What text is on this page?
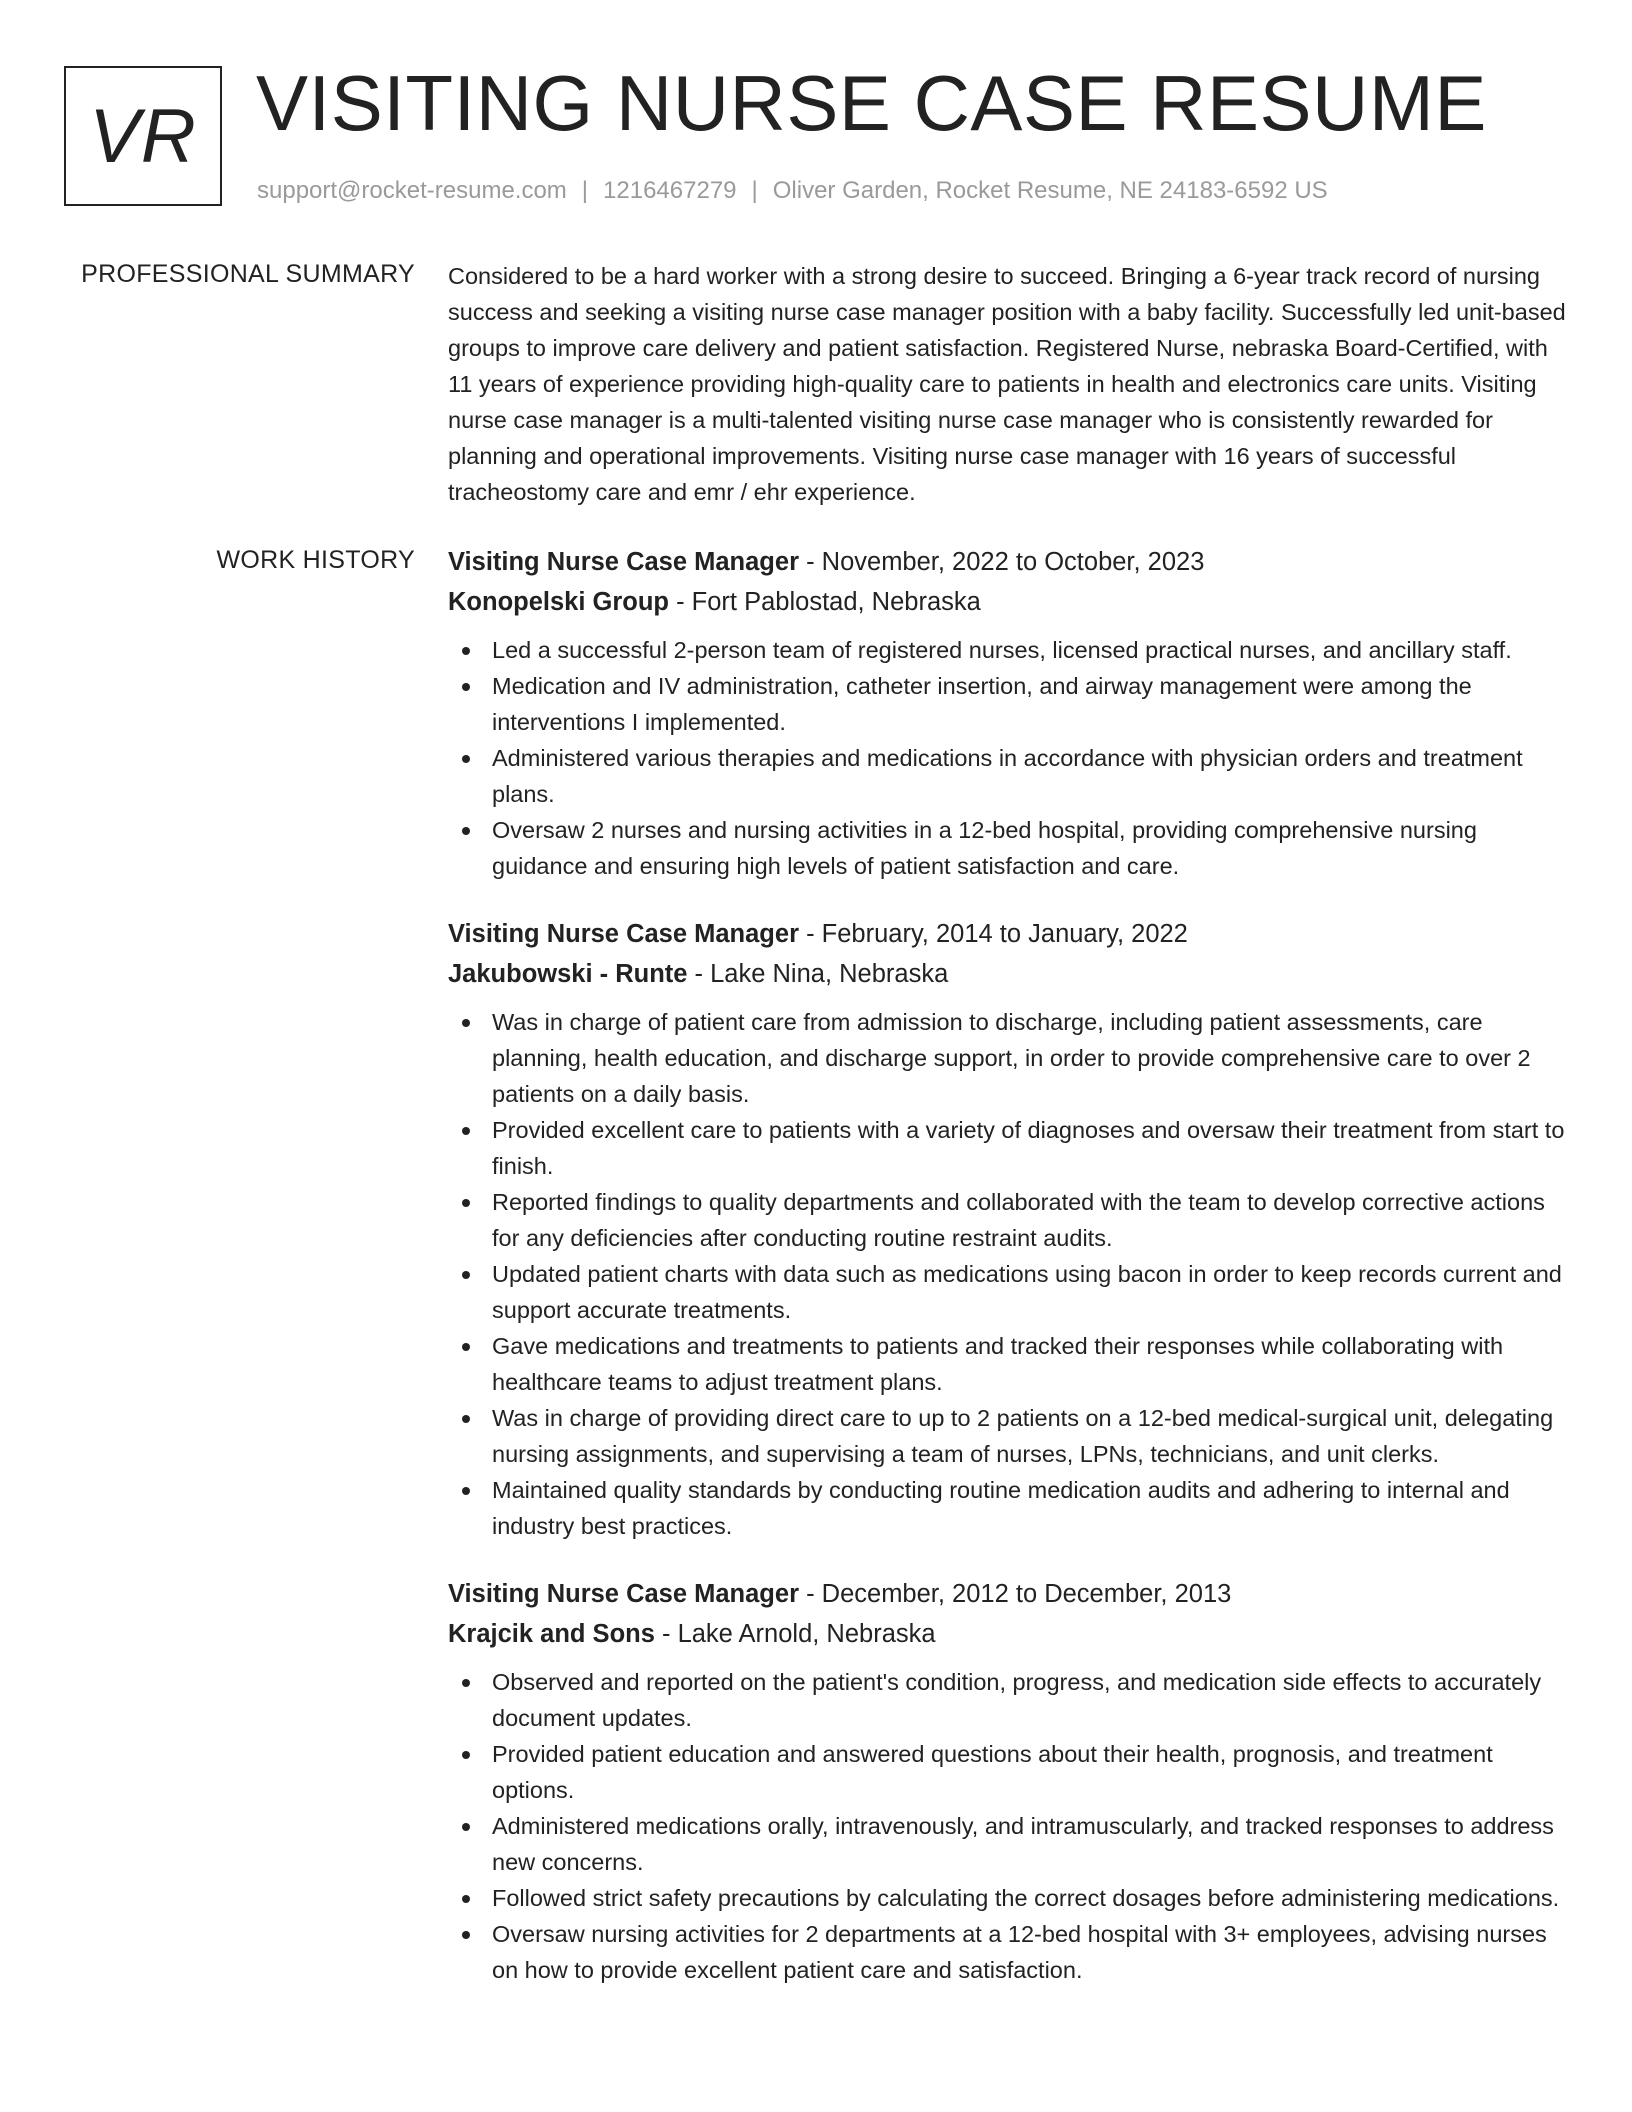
VR VISITING NURSE CASE RESUME
support@rocket-resume.com | 1216467279 | Oliver Garden, Rocket Resume, NE 24183-6592 US
PROFESSIONAL SUMMARY Considered to be a hard worker with a strong desire to succeed. Bringing a 6-year track record of nursing success and seeking a visiting nurse case manager position with a baby facility. Successfully led unit-based groups to improve care delivery and patient satisfaction. Registered Nurse, nebraska Board-Certified, with 11 years of experience providing high-quality care to patients in health and electronics care units. Visiting nurse case manager is a multi-talented visiting nurse case manager who is consistently rewarded for planning and operational improvements. Visiting nurse case manager with 16 years of successful tracheostomy care and emr / ehr experience.
WORK HISTORY Visiting Nurse Case Manager - November, 2022 to October, 2023
Konopelski Group - Fort Pablostad, Nebraska
Led a successful 2-person team of registered nurses, licensed practical nurses, and ancillary staff.
Medication and IV administration, catheter insertion, and airway management were among the interventions I implemented.
Administered various therapies and medications in accordance with physician orders and treatment plans.
Oversaw 2 nurses and nursing activities in a 12-bed hospital, providing comprehensive nursing guidance and ensuring high levels of patient satisfaction and care.
Visiting Nurse Case Manager - February, 2014 to January, 2022
Jakubowski - Runte - Lake Nina, Nebraska
Was in charge of patient care from admission to discharge, including patient assessments, care planning, health education, and discharge support, in order to provide comprehensive care to over 2 patients on a daily basis.
Provided excellent care to patients with a variety of diagnoses and oversaw their treatment from start to finish.
Reported findings to quality departments and collaborated with the team to develop corrective actions for any deficiencies after conducting routine restraint audits.
Updated patient charts with data such as medications using bacon in order to keep records current and support accurate treatments.
Gave medications and treatments to patients and tracked their responses while collaborating with healthcare teams to adjust treatment plans.
Was in charge of providing direct care to up to 2 patients on a 12-bed medical-surgical unit, delegating nursing assignments, and supervising a team of nurses, LPNs, technicians, and unit clerks.
Maintained quality standards by conducting routine medication audits and adhering to internal and industry best practices.
Visiting Nurse Case Manager - December, 2012 to December, 2013
Krajcik and Sons - Lake Arnold, Nebraska
Observed and reported on the patient's condition, progress, and medication side effects to accurately document updates.
Provided patient education and answered questions about their health, prognosis, and treatment options.
Administered medications orally, intravenously, and intramuscularly, and tracked responses to address new concerns.
Followed strict safety precautions by calculating the correct dosages before administering medications.
Oversaw nursing activities for 2 departments at a 12-bed hospital with 3+ employees, advising nurses on how to provide excellent patient care and satisfaction.
